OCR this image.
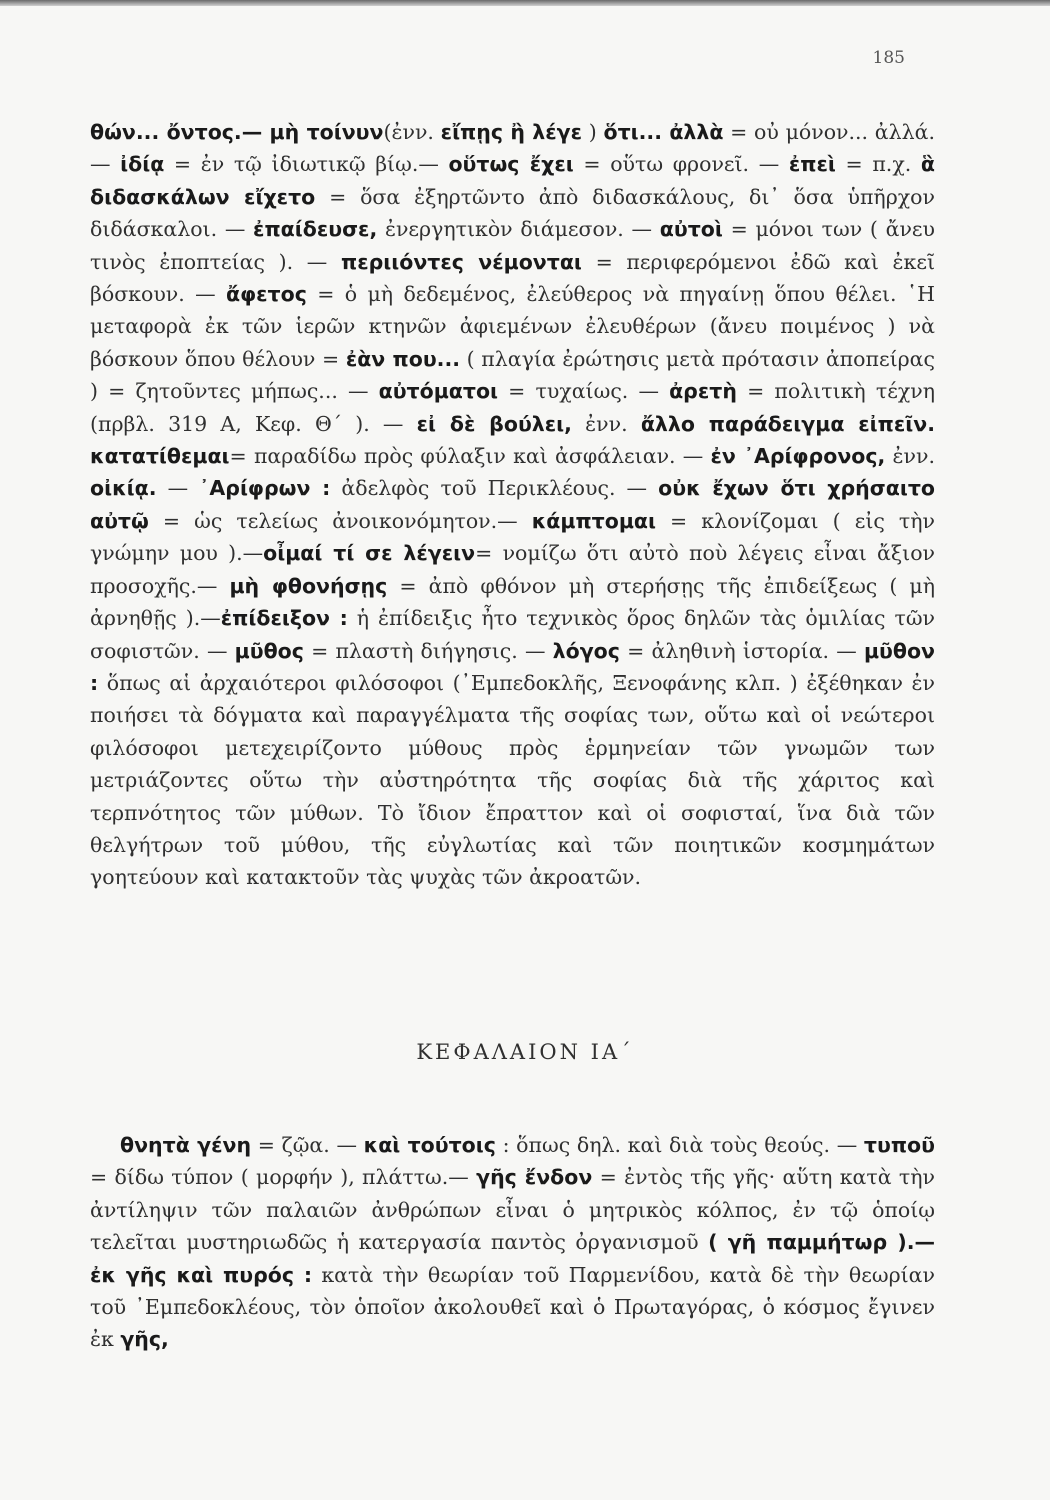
185

θών... ὄντος.— μὴ τοίνυν(ἐνν. εἴπῃς ἢ λέγε ) ὅτι... ἀλλὰ = οὐ μόνον... ἀλλά. — ἰδίᾳ = ἐν τῷ ἰδιωτικῷ βίῳ.— οὕτως ἔχει = οὕτω φρονεῖ. — ἐπεὶ = π.χ. ἃ διδασκάλων εἴχετο = ὅσα ἐξηρτῶντο ἀπὸ διδασκάλους, δι᾽ ὅσα ὑπῆρχον διδάσκαλοι. — ἐπαίδευσε, ἐνεργητικὸν διάμεσον. — αὐτοὶ = μόνοι των ( ἄνευ τινὸς ἐποπτείας ). — περιιόντες νέμονται = περιφερόμενοι ἐδῶ καὶ ἐκεῖ βόσκουν. — ἄφετος = ὁ μὴ δεδεμένος, ἐλεύθερος νὰ πηγαίνῃ ὅπου θέλει. ῾Η μεταφορὰ ἐκ τῶν ἱερῶν κτηνῶν ἀφιεμένων ἐλευθέρων (ἄνευ ποιμένος ) νὰ βόσκουν ὅπου θέλουν = ἐὰν που... ( πλαγία ἐρώτησις μετὰ πρότασιν ἀποπείρας ) = ζητοῦντες μήπως... — αὐτόματοι = τυχαίως. — ἀρετὴ = πολιτικὴ τέχνη (πρβλ. 319 Α, Κεφ. Θ΄ ). — εἰ δὲ βούλει, ἐνν. ἄλλο παράδειγμα εἰπεῖν. κατατίθεμαι= παραδίδω πρὸς φύλαξιν καὶ ἀσφάλειαν. — ἐν ᾽Αρίφρονος, ἐνν. οἰκίᾳ. — ᾽Αρίφρων : ἀδελφὸς τοῦ Περικλέους. — οὐκ ἔχων ὅτι χρήσαιτο αὐτῷ = ὡς τελείως ἀνοικονόμητον.— κάμπτομαι = κλονίζομαι ( εἰς τὴν γνώμην μου ).—οἶμαί τί σε λέγειν= νομίζω ὅτι αὐτὸ ποὺ λέγεις εἶναι ἄξιον προσοχῆς.— μὴ φθονήσῃς = ἀπὸ φθόνον μὴ στερήσῃς τῆς ἐπιδείξεως ( μὴ ἀρνηθῇς ).—ἐπίδειξον : ἡ ἐπίδειξις ἦτο τεχνικὸς ὅρος δηλῶν τὰς ὁμιλίας τῶν σοφιστῶν. — μῦθος = πλαστὴ διήγησις. — λόγος = ἀληθινὴ ἱστορία. — μῦθον : ὅπως αἱ ἀρχαιότεροι φιλόσοφοι (᾽Εμπεδοκλῆς, Ξενοφάνης κλπ. ) ἐξέθηκαν ἐν ποιήσει τὰ δόγματα καὶ παραγγέλματα τῆς σοφίας των, οὕτω καὶ οἱ νεώτεροι φιλόσοφοι μετεχειρίζοντο μύθους πρὸς ἑρμηνείαν τῶν γνωμῶν των μετριάζοντες οὕτω τὴν αὐστηρότητα τῆς σοφίας διὰ τῆς χάριτος καὶ τερπνότητος τῶν μύθων. Τὸ ἴδιον ἔπραττον καὶ οἱ σοφισταί, ἵνα διὰ τῶν θελγήτρων τοῦ μύθου, τῆς εὐγλωτίας καὶ τῶν ποιητικῶν κοσμημάτων γοητεύουν καὶ κατακτοῦν τὰς ψυχὰς τῶν ἀκροατῶν.

ΚΕΦΑΛΑΙΟΝ ΙΑ΄

θνητὰ γένη = ζῷα. — καὶ τούτοις : ὅπως δηλ. καὶ διὰ τοὺς θεούς. — τυποῦ = δίδω τύπον ( μορφήν ), πλάττω.— γῆς ἔνδον = ἐντὸς τῆς γῆς· αὕτη κατὰ τὴν ἀντίληψιν τῶν παλαιῶν ἀνθρώπων εἶναι ὁ μητρικὸς κόλπος, ἐν τῷ ὁποίῳ τελεῖται μυστηριωδῶς ἡ κατεργασία παντὸς ὀργανισμοῦ ( γῆ παμμήτωρ ).— ἐκ γῆς καὶ πυρός : κατὰ τὴν θεωρίαν τοῦ Παρμενίδου, κατὰ δὲ τὴν θεωρίαν τοῦ ᾽Εμπεδοκλέους, τὸν ὁποῖον ἀκολουθεῖ καὶ ὁ Πρωταγόρας, ὁ κόσμος ἔγινεν ἐκ γῆς,
